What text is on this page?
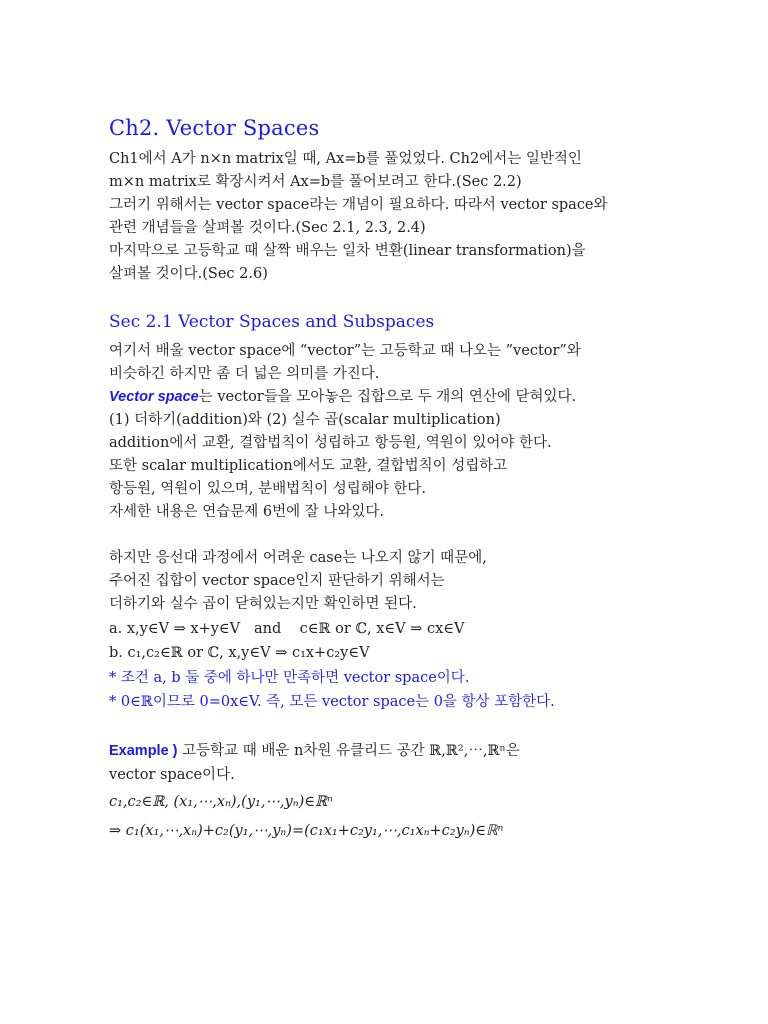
Ch2. Vector Spaces
Ch1에서 A가 n×n matrix일 때, Ax=b를 풀었었다. Ch2에서는 일반적인
m×n matrix로 확장시켜서 Ax=b를 풀어보려고 한다.(Sec 2.2)
그러기 위해서는 vector space라는 개념이 필요하다. 따라서 vector space와
관련 개념들을 살펴볼 것이다.(Sec 2.1, 2.3, 2.4)
마지막으로 고등학교 때 살짝 배우는 일차 변환(linear transformation)을
살펴볼 것이다.(Sec 2.6)
Sec 2.1 Vector Spaces and Subspaces
여기서 배울 vector space에 “vector”는 고등학교 때 나오는 ”vector”와
비슷하긴 하지만 좀 더 넓은 의미를 가진다.
Vector space는 vector들을 모아놓은 집합으로 두 개의 연산에 닫혀있다.
(1) 더하기(addition)와 (2) 실수 곱(scalar multiplication)
addition에서 교환, 결합법칙이 성립하고 항등원, 역원이 있어야 한다.
또한 scalar multiplication에서도 교환, 결합법칙이 성립하고
항등원, 역원이 있으며, 분배법칙이 성립해야 한다.
자세한 내용은 연습문제 6번에 잘 나와있다.
하지만 응선대 과정에서 어려운 case는 나오지 않기 때문에,
주어진 집합이 vector space인지 판단하기 위해서는
더하기와 실수 곱이 닫혀있는지만 확인하면 된다.
a. x,y∈V ⇒ x+y∈V   and    c∈ℝ or ℂ, x∈V ⇒ cx∈V
b. c₁,c₂∈ℝ or ℂ, x,y∈V ⇒ c₁x+c₂y∈V
* 조건 a, b 둘 중에 하나만 만족하면 vector space이다.
* 0∈ℝ이므로 0=0x∈V. 즉, 모든 vector space는 0을 항상 포함한다.
Example ) 고등학교 때 배운 n차원 유클리드 공간 ℝ,ℝ²,⋯,ℝⁿ은
vector space이다.
c₁,c₂∈ℝ, (x₁,⋯,xₙ),(y₁,⋯,yₙ)∈ℝⁿ
⇒ c₁(x₁,⋯,xₙ)+c₂(y₁,⋯,yₙ)=(c₁x₁+c₂y₁,⋯,c₁xₙ+c₂yₙ)∈ℝⁿ
